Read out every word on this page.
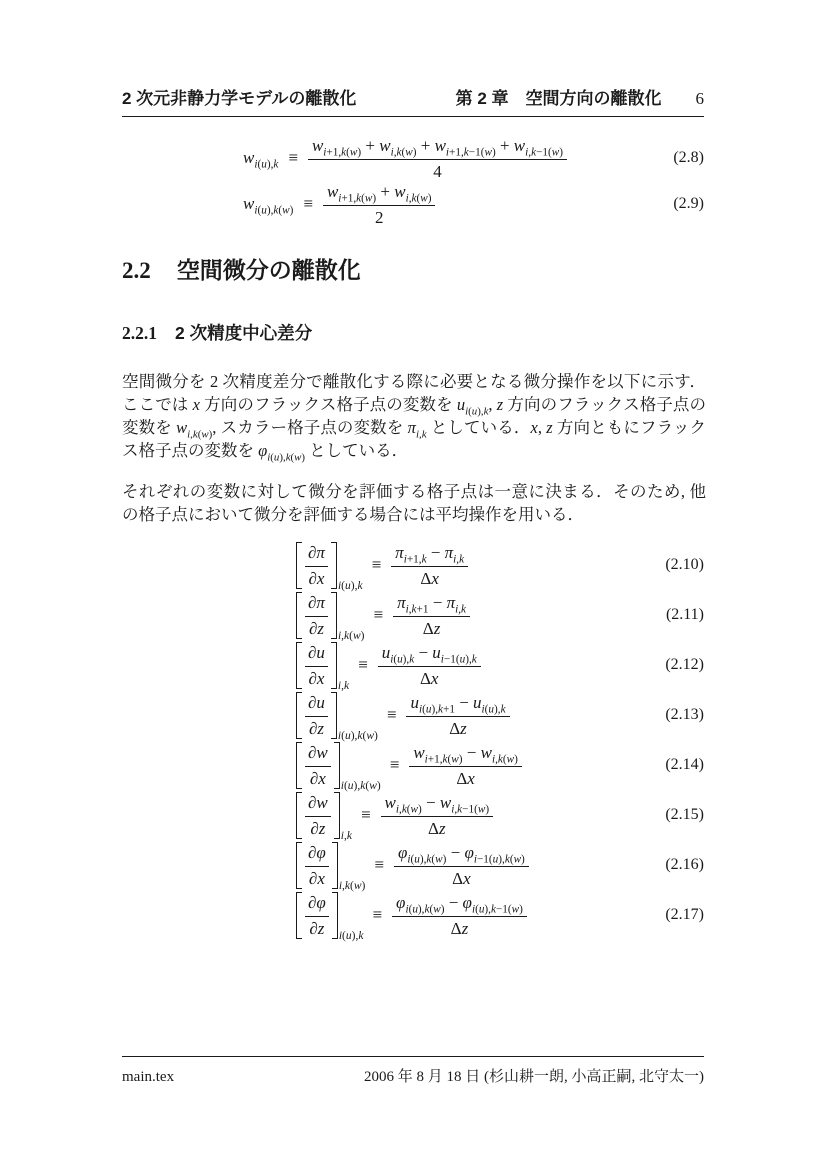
2 次元非静力学モデルの離散化	第 2 章　空間方向の離散化 6
$w_{i(u),k} \equiv \frac{w_{i+1,k(w)} + w_{i,k(w)} + w_{i+1,k-1(w)} + w_{i,k-1(w)}}{4}$	(2.8)
$w_{i(u),k(w)} \equiv \frac{w_{i+1,k(w)} + w_{i,k(w)}}{2}$	(2.9)
2.2 空間微分の離散化
2.2.1 2 次精度中心差分

空間微分を 2 次精度差分で離散化する際に必要となる微分操作を以下に示す．ここでは x 方向のフラックス格子点の変数を $u_{i(u),k}$, z 方向のフラックス格子点の変数を $w_{i,k(w)}$, スカラー格子点の変数を $\pi_{i,k}$ としている．x, z 方向ともにフラックス格子点の変数を $\varphi_{i(u),k(w)}$ としている．

それぞれの変数に対して微分を評価する格子点は一意に決まる．そのため, 他の格子点において微分を評価する場合には平均操作を用いる．

$\frac{\partial\pi}{\partial x} i(u),k$
≡ $\frac{\pi_{i+1,k} - \pi_{i,k}}{\Delta x}$	(2.10)
$\frac{\partial\pi}{\partial z} i,k(w)$
≡ $\frac{\pi_{i,k+1} - \pi_{i,k}}{\Delta z}$	(2.11)
$\frac{\partial u}{\partial x} i,k$
≡ $\frac{u_{i(u),k} - u_{i-1(u),k}}{\Delta x}$	(2.12)
$\frac{\partial u}{\partial z} i(u),k(w)$
≡ $\frac{u_{i(u),k+1} - u_{i(u),k}}{\Delta z}$	(2.13)
$\frac{\partial w}{\partial x} i(u),k(w)$
≡ $\frac{w_{i+1,k(w)} - w_{i,k(w)}}{\Delta x}$	(2.14)
$\frac{\partial w}{\partial z} i,k$
≡ $\frac{w_{i,k(w)} - w_{i,k-1(w)}}{\Delta z}$	(2.15)
$\frac{\partial\varphi}{\partial x} i,k(w)$
≡ $\frac{\varphi_{i(u),k(w)} - \varphi_{i-1(u),k(w)}}{\Delta x}$	(2.16)
$\frac{\partial\varphi}{\partial z} i(u),k$
≡ $\frac{\varphi_{i(u),k(w)} - \varphi_{i(u),k-1(w)}}{\Delta z}$	(2.17)
main.tex	2006 年 8 月 18 日 (杉山耕一朗, 小高正嗣, 北守太一)
